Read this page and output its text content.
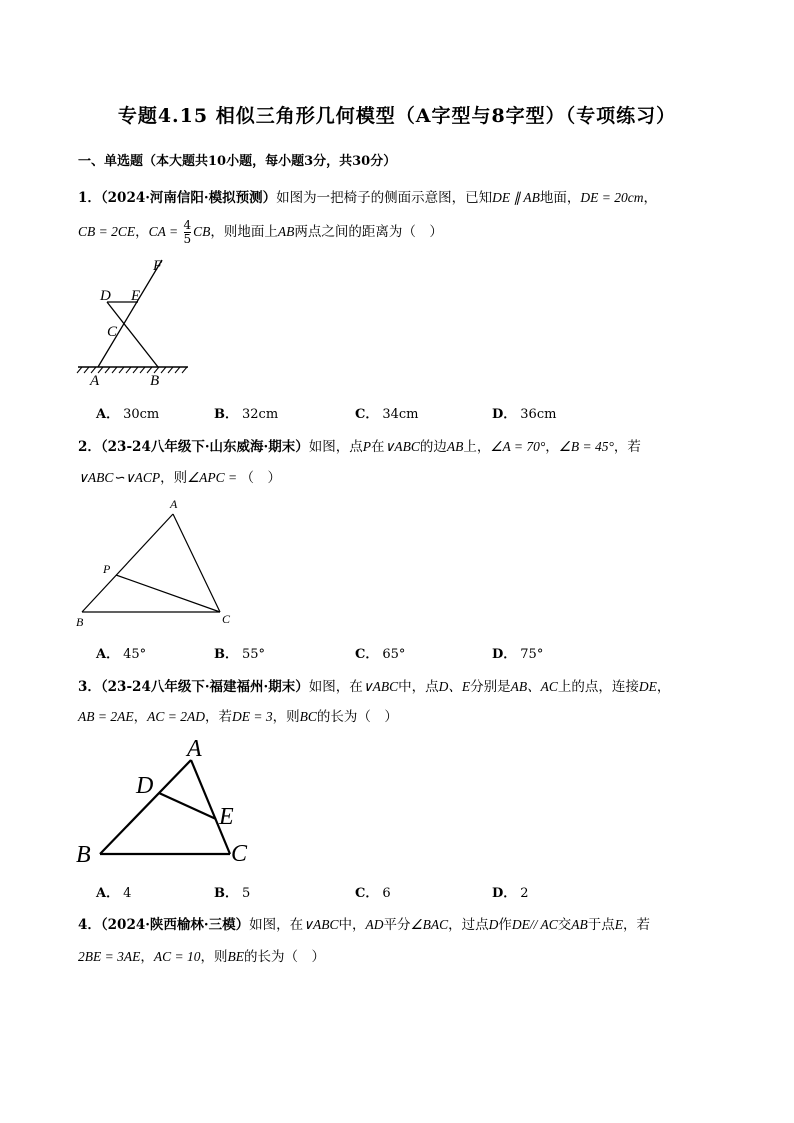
专题4.15 相似三角形几何模型（A字型与8字型）（专项练习）
一、单选题（本大题共10小题，每小题3分，共30分）
1．（2024·河南信阳·模拟预测）如图为一把椅子的侧面示意图，已知DE ∥ AB地面，DE = 20cm，
CB = 2CE，CA = $\frac{4}{5}$ CB，则地面上AB两点之间的距离为（　）
F
D E
C
A	B
A． 30cm	B． 32cm	C． 34cm	D． 36cm
2．（23-24八年级下·山东威海·期末）如图，点P在∨ABC的边AB上，∠A = 70°，∠B = 45°，若
∨ABC∽∨ACP，则∠APC = （　）
A
P
B	C
A． 45°	B． 55°	C． 65°	D． 75°
3．（23-24八年级下·福建福州·期末）如图，在∨ABC中，点D、E分别是AB、AC上的点，连接DE，
AB = 2AE，AC = 2AD，若DE = 3，则BC的长为（　）
A
D
E
B	C
A． 4	B． 5	C． 6	D． 2
4．（2024·陕西榆林·三模）如图，在∨ABC中，AD平分∠BAC，过点D作DE// AC交AB于点E，若
2BE = 3AE，AC = 10，则BE的长为（　）
